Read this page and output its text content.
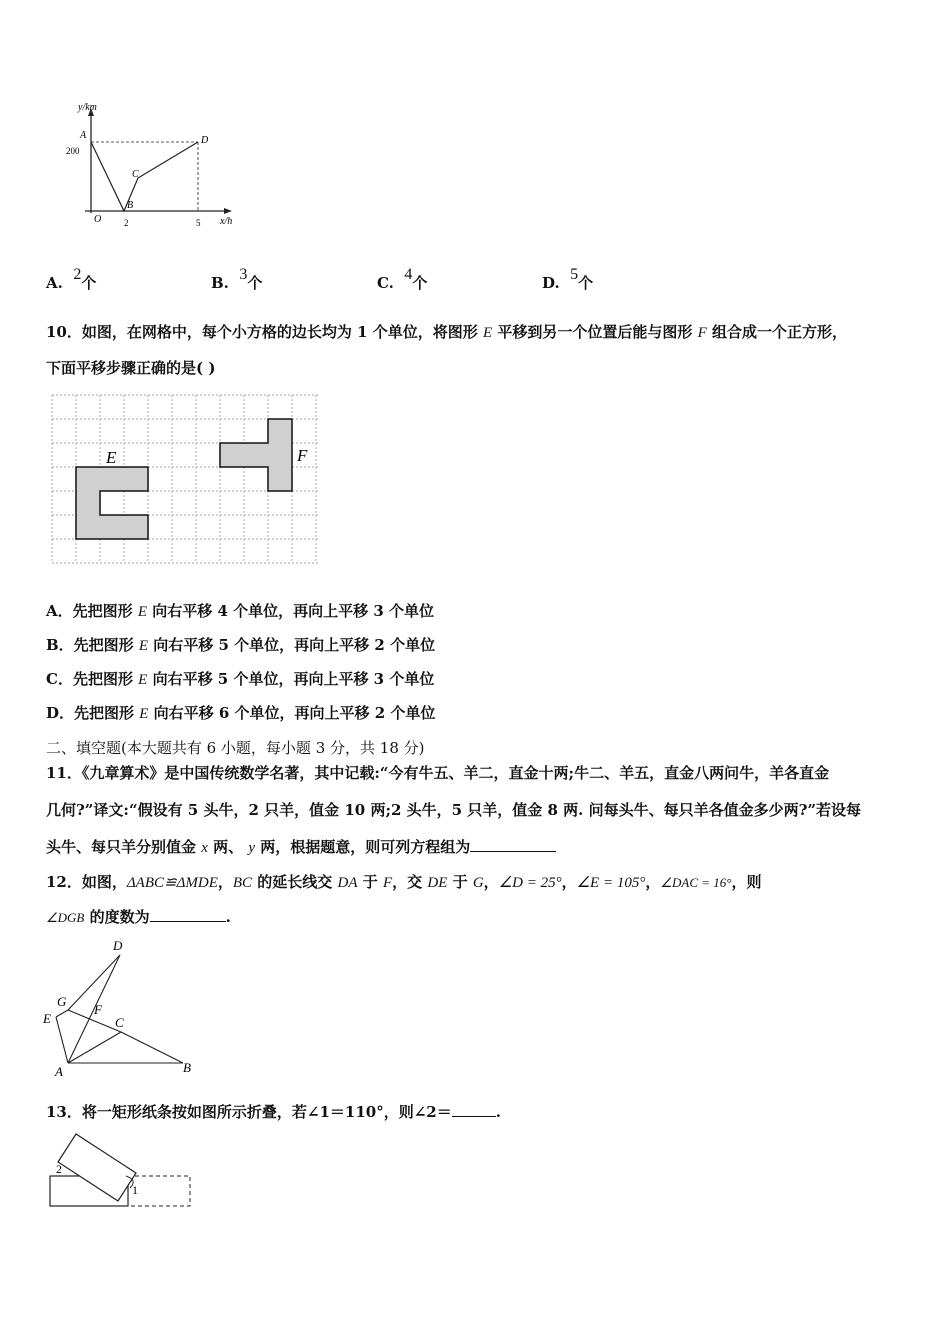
y/km
x/h
O
200
2	5
A
B
C
D
A. 2个	B. 3个	C. 4个	D. 5个
10．如图，在网格中，每个小方格的边长均为 1 个单位，将图形 E 平移到另一个位置后能与图形 F 组合成一个正方形，
下面平移步骤正确的是( )
E	F
A．先把图形 E 向右平移 4 个单位，再向上平移 3 个单位
B．先把图形 E 向右平移 5 个单位，再向上平移 2 个单位
C．先把图形 E 向右平移 5 个单位，再向上平移 3 个单位
D．先把图形 E 向右平移 6 个单位，再向上平移 2 个单位
二、填空题(本大题共有 6 小题，每小题 3 分，共 18 分)
11．《九章算术》是中国传统数学名著，其中记载:“今有牛五、羊二，直金十两;牛二、羊五，直金八两问牛，羊各直金
几何?”译文:“假设有 5 头牛，2 只羊，值金 10 两;2 头牛，5 只羊，值金 8 两. 问每头牛、每只羊各值金多少两?”若设每
头牛、每只羊分别值金 x 两、 y 两，根据题意，则可列方程组为
12．如图，ΔABC≌ΔMDE，BC 的延长线交 DA 于 F，交 DE 于 G，∠D = 25°，∠E = 105°，∠DAC = 16°，则
∠DGB 的度数为	.
D
G
E
F
C
A	B
13．将一矩形纸条按如图所示折叠，若∠1＝110°，则∠2＝	.
2
1
